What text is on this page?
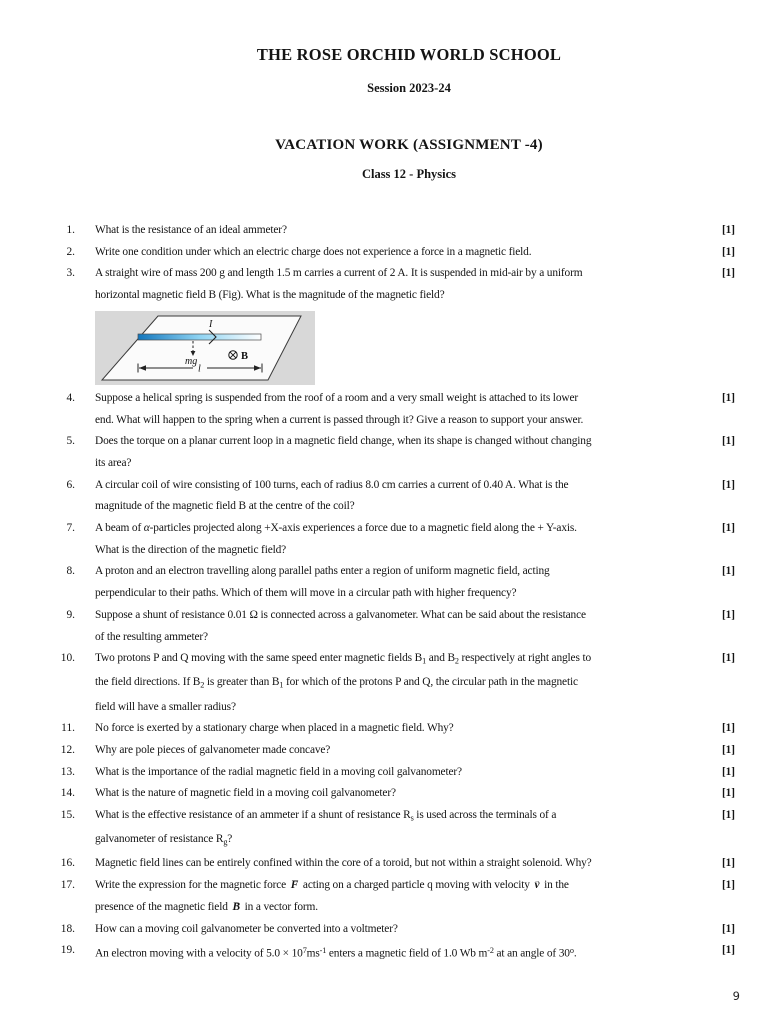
THE ROSE ORCHID WORLD SCHOOL
Session 2023-24
VACATION WORK (ASSIGNMENT -4)
Class 12 - Physics
1. What is the resistance of an ideal ammeter?	[1]
2. Write one condition under which an electric charge does not experience a force in a magnetic field.	[1]
3. A straight wire of mass 200 g and length 1.5 m carries a current of 2 A. It is suspended in mid-air by a uniform
horizontal magnetic field B (Fig). What is the magnitude of the magnetic field?
I
mg	B
l
[1]
4. Suppose a helical spring is suspended from the roof of a room and a very small weight is attached to its lower
end. What will happen to the spring when a current is passed through it? Give a reason to support your answer.
[1]
5. Does the torque on a planar current loop in a magnetic field change, when its shape is changed without changing
its area?
[1]
6. A circular coil of wire consisting of 100 turns, each of radius 8.0 cm carries a current of 0.40 A. What is the
magnitude of the magnetic field B at the centre of the coil?
[1]
7. A beam of α-particles projected along +X-axis experiences a force due to a magnetic field along the + Y-axis.
What is the direction of the magnetic field?
[1]
8. A proton and an electron travelling along parallel paths enter a region of uniform magnetic field, acting
perpendicular to their paths. Which of them will move in a circular path with higher frequency?
[1]
9. Suppose a shunt of resistance 0.01 Ω is connected across a galvanometer. What can be said about the resistance
of the resulting ammeter?
[1]
10. Two protons P and Q moving with the same speed enter magnetic fields $B_1$ and $B_2$ respectively at right angles to
the field directions. If $B_2$ is greater than $B_1$ for which of the protons P and Q, the circular path in the magnetic
field will have a smaller radius?
[1]
11. No force is exerted by a stationary charge when placed in a magnetic field. Why?	[1]
12. Why are pole pieces of galvanometer made concave?	[1]
13. What is the importance of the radial magnetic field in a moving coil galvanometer?	[1]
14. What is the nature of magnetic field in a moving coil galvanometer?	[1]
15. What is the effective resistance of an ammeter if a shunt of resistance $R_s$ is used across the terminals of a
galvanometer of resistance $R_g$?
[1]
16. Magnetic field lines can be entirely confined within the core of a toroid, but not within a straight solenoid. Why?	[1]
17. Write the expression for the magnetic force → F acting on a charged particle q moving with velocity → v in the
presence of the magnetic field → B in a vector form.
[1]
18. How can a moving coil galvanometer be converted into a voltmeter?	[1]
19. An electron moving with a velocity of $5.0 \times 10^7ms^{-1}$ enters a magnetic field of 1.0 Wb $m^{-2}$ at an angle of 30$^o$.	[1]
9
